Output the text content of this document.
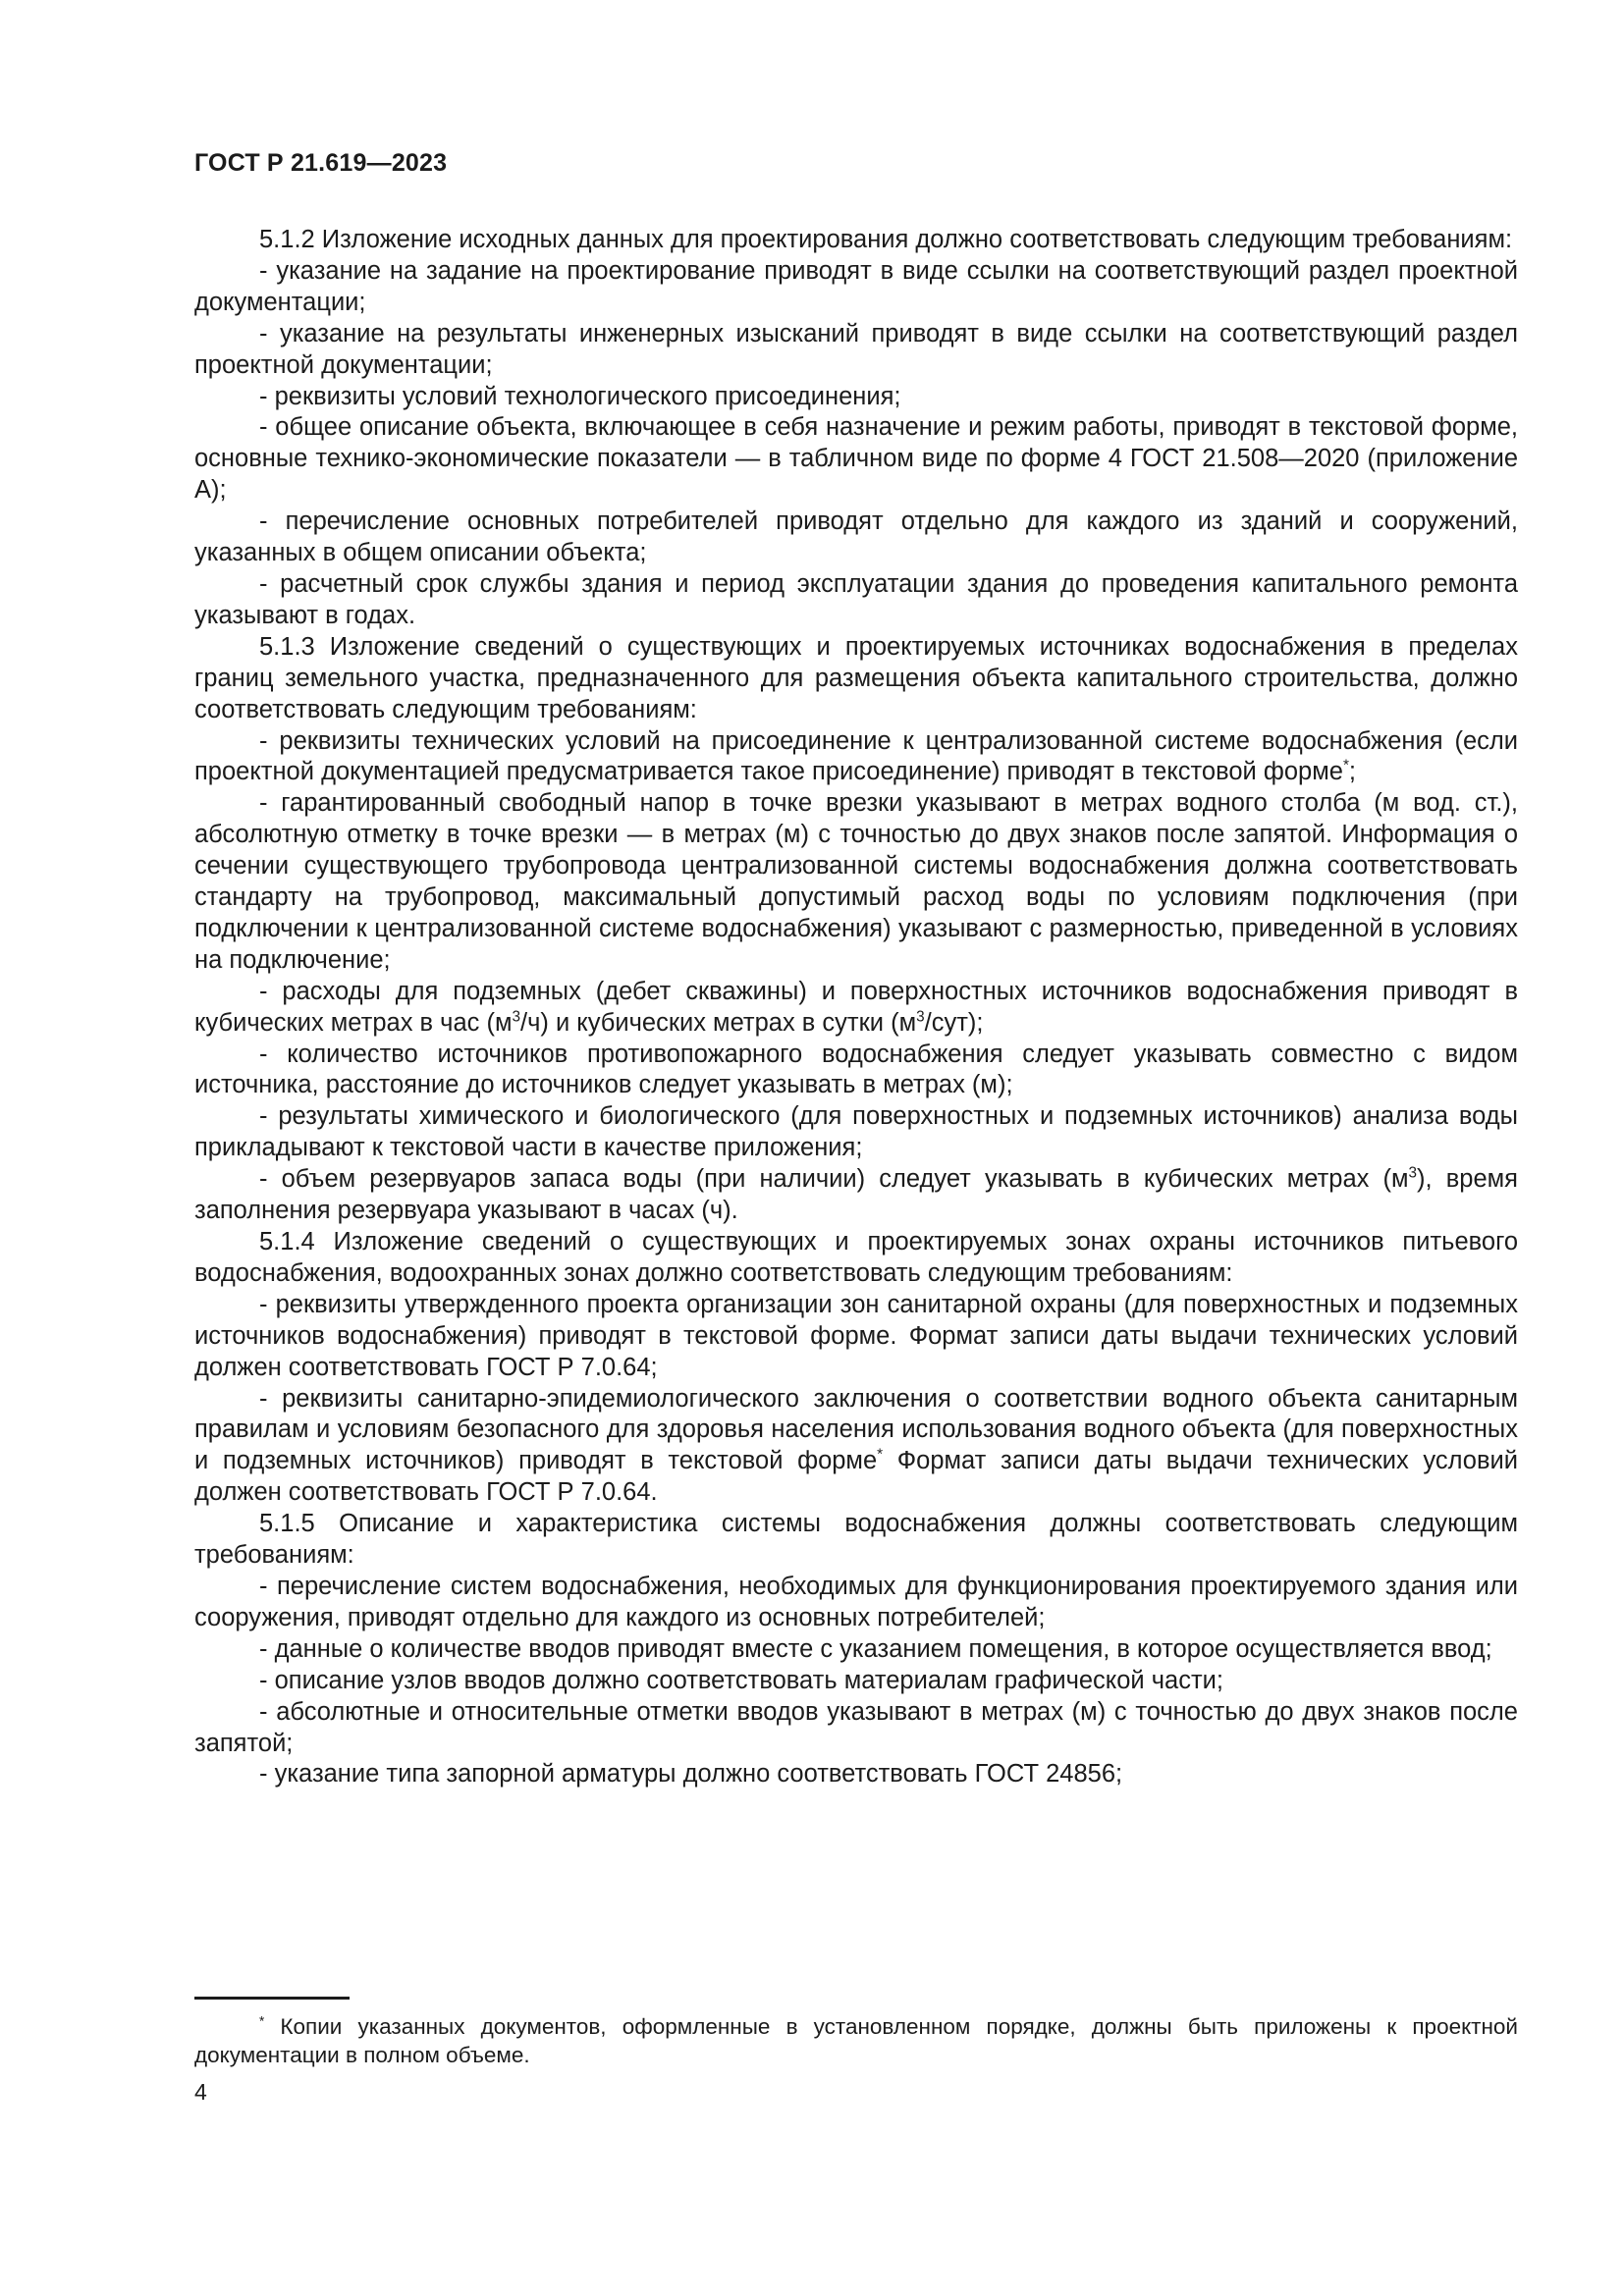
ГОСТ Р 21.619—2023

5.1.2 Изложение исходных данных для проектирования должно соответствовать следующим требованиям:

- указание на задание на проектирование приводят в виде ссылки на соответствующий раздел проектной документации;

- указание на результаты инженерных изысканий приводят в виде ссылки на соответствующий раздел проектной документации;

- реквизиты условий технологического присоединения;

- общее описание объекта, включающее в себя назначение и режим работы, приводят в текстовой форме, основные технико-экономические показатели — в табличном виде по форме 4 ГОСТ 21.508—2020 (приложение А);

- перечисление основных потребителей приводят отдельно для каждого из зданий и сооружений, указанных в общем описании объекта;

- расчетный срок службы здания и период эксплуатации здания до проведения капитального ремонта указывают в годах.

5.1.3 Изложение сведений о существующих и проектируемых источниках водоснабжения в пределах границ земельного участка, предназначенного для размещения объекта капитального строительства, должно соответствовать следующим требованиям:

- реквизиты технических условий на присоединение к централизованной системе водоснабжения (если проектной документацией предусматривается такое присоединение) приводят в текстовой форме*;

- гарантированный свободный напор в точке врезки указывают в метрах водного столба (м вод. ст.), абсолютную отметку в точке врезки — в метрах (м) с точностью до двух знаков после запятой. Информация о сечении существующего трубопровода централизованной системы водоснабжения должна соответствовать стандарту на трубопровод, максимальный допустимый расход воды по условиям подключения (при подключении к централизованной системе водоснабжения) указывают с размерностью, приведенной в условиях на подключение;

- расходы для подземных (дебет скважины) и поверхностных источников водоснабжения приводят в кубических метрах в час $(м^3/ч)$ и кубических метрах в сутки $(м^3/сут)$;

- количество источников противопожарного водоснабжения следует указывать совместно с видом источника, расстояние до источников следует указывать в метрах (м);

- результаты химического и биологического (для поверхностных и подземных источников) анализа воды прикладывают к текстовой части в качестве приложения;

- объем резервуаров запаса воды (при наличии) следует указывать в кубических метрах $(м^3)$, время заполнения резервуара указывают в часах (ч).

5.1.4 Изложение сведений о существующих и проектируемых зонах охраны источников питьевого водоснабжения, водоохранных зонах должно соответствовать следующим требованиям:

- реквизиты утвержденного проекта организации зон санитарной охраны (для поверхностных и подземных источников водоснабжения) приводят в текстовой форме. Формат записи даты выдачи технических условий должен соответствовать ГОСТ Р 7.0.64;

- реквизиты санитарно-эпидемиологического заключения о соответствии водного объекта санитарным правилам и условиям безопасного для здоровья населения использования водного объекта (для поверхностных и подземных источников) приводят в текстовой форме* Формат записи даты выдачи технических условий должен соответствовать ГОСТ Р 7.0.64.

5.1.5 Описание и характеристика системы водоснабжения должны соответствовать следующим требованиям:

- перечисление систем водоснабжения, необходимых для функционирования проектируемого здания или сооружения, приводят отдельно для каждого из основных потребителей;

- данные о количестве вводов приводят вместе с указанием помещения, в которое осуществляется ввод;

- описание узлов вводов должно соответствовать материалам графической части;

- абсолютные и относительные отметки вводов указывают в метрах (м) с точностью до двух знаков после запятой;

- указание типа запорной арматуры должно соответствовать ГОСТ 24856;

* Копии указанных документов, оформленные в установленном порядке, должны быть приложены к проектной документации в полном объеме.
4
